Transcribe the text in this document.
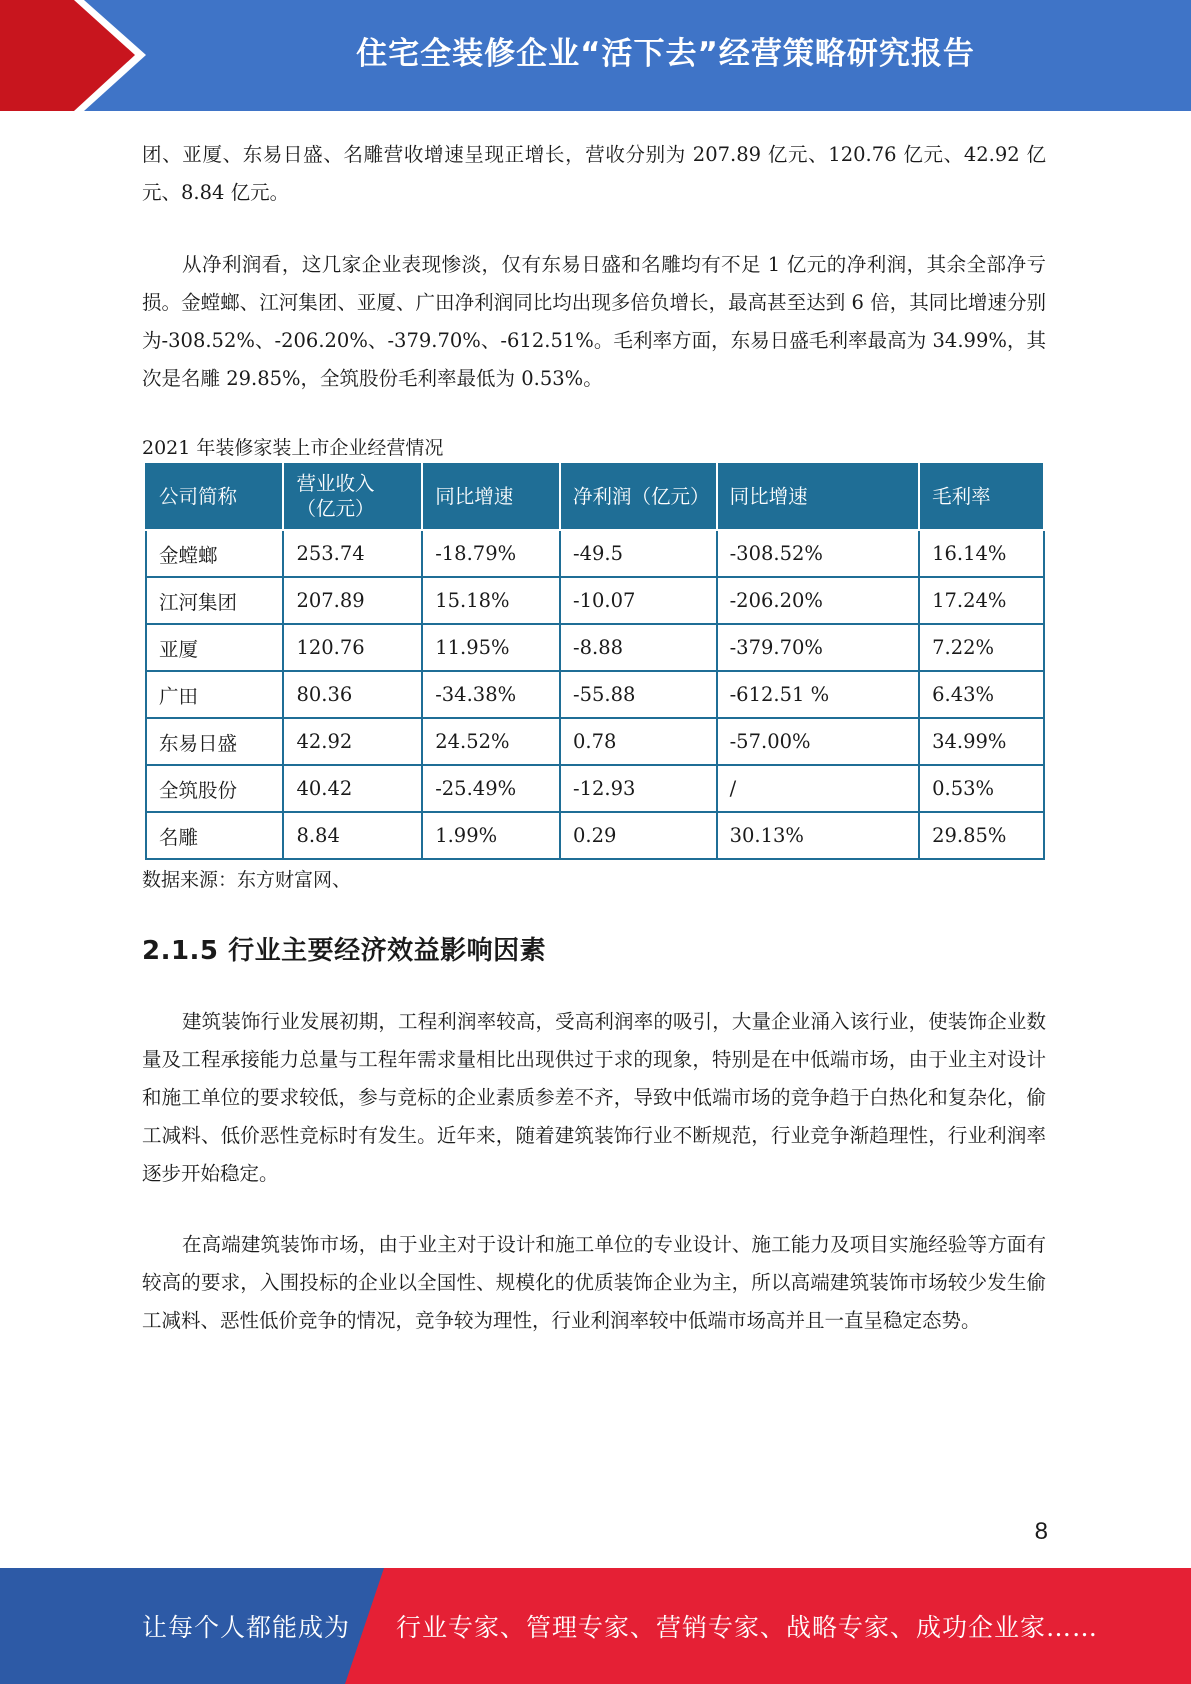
住宅全装修企业“活下去”经营策略研究报告

团、亚厦、东易日盛、名雕营收增速呈现正增长，营收分别为 207.89 亿元、120.76 亿元、42.92 亿元、8.84 亿元。

从净利润看，这几家企业表现惨淡，仅有东易日盛和名雕均有不足 1 亿元的净利润，其余全部净亏损。金螳螂、江河集团、亚厦、广田净利润同比均出现多倍负增长，最高甚至达到 6 倍，其同比增速分别为-308.52%、-206.20%、-379.70%、-612.51%。毛利率方面，东易日盛毛利率最高为 34.99%，其次是名雕 29.85%，全筑股份毛利率最低为 0.53%。

2021 年装修家装上市企业经营情况
公司简称	营业收入（亿元）	同比增速	净利润（亿元）	同比增速	毛利率
金螳螂	253.74	-18.79%	-49.5	-308.52%	16.14%
江河集团	207.89	15.18%	-10.07	-206.20%	17.24%
亚厦	120.76	11.95%	-8.88	-379.70%	7.22%
广田	80.36	-34.38%	-55.88	-612.51 %	6.43%
东易日盛	42.92	24.52%	0.78	-57.00%	34.99%
全筑股份	40.42	-25.49%	-12.93	/	0.53%
名雕	8.84	1.99%	0.29	30.13%	29.85%
数据来源：东方财富网、
2.1.5 行业主要经济效益影响因素

建筑装饰行业发展初期，工程利润率较高，受高利润率的吸引，大量企业涌入该行业，使装饰企业数量及工程承接能力总量与工程年需求量相比出现供过于求的现象，特别是在中低端市场，由于业主对设计和施工单位的要求较低，参与竞标的企业素质参差不齐，导致中低端市场的竞争趋于白热化和复杂化，偷工减料、低价恶性竞标时有发生。近年来，随着建筑装饰行业不断规范，行业竞争渐趋理性，行业利润率逐步开始稳定。

在高端建筑装饰市场，由于业主对于设计和施工单位的专业设计、施工能力及项目实施经验等方面有较高的要求，入围投标的企业以全国性、规模化的优质装饰企业为主，所以高端建筑装饰市场较少发生偷工减料、恶性低价竞争的情况，竞争较为理性，行业利润率较中低端市场高并且一直呈稳定态势。

8
让每个人都能成为 行业专家、管理专家、营销专家、战略专家、成功企业家……
